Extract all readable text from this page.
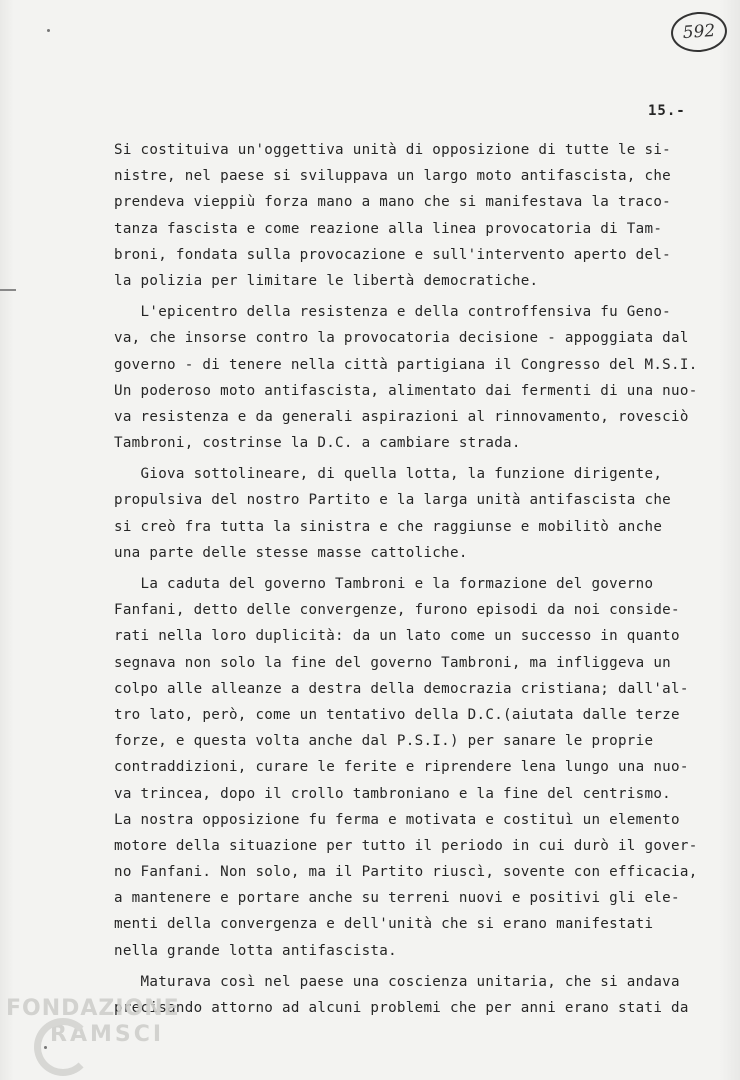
592
15.-
Si costituiva un'oggettiva unità di opposizione di tutte le si-
nistre, nel paese si sviluppava un largo moto antifascista, che
prendeva vieppiù forza mano a mano che si manifestava la traco-
tanza fascista e come reazione alla linea provocatoria di Tam-
broni, fondata sulla provocazione e sull'intervento aperto del-
la polizia per limitare le libertà democratiche.
L'epicentro della resistenza e della controffensiva fu Geno-
va, che insorse contro la provocatoria decisione - appoggiata dal
governo - di tenere nella città partigiana il Congresso del M.S.I.
Un poderoso moto antifascista, alimentato dai fermenti di una nuo-
va resistenza e da generali aspirazioni al rinnovamento, rovesciò
Tambroni, costrinse la D.C. a cambiare strada.
Giova sottolineare, di quella lotta, la funzione dirigente,
propulsiva del nostro Partito e la larga unità antifascista che
si creò fra tutta la sinistra e che raggiunse e mobilitò anche
una parte delle stesse masse cattoliche.
La caduta del governo Tambroni e la formazione del governo
Fanfani, detto delle convergenze, furono episodi da noi conside-
rati nella loro duplicità: da un lato come un successo in quanto
segnava non solo la fine del governo Tambroni, ma infliggeva un
colpo alle alleanze a destra della democrazia cristiana; dall'al-
tro lato, però, come un tentativo della D.C.(aiutata dalle terze
forze, e questa volta anche dal P.S.I.) per sanare le proprie
contraddizioni, curare le ferite e riprendere lena lungo una nuo-
va trincea, dopo il crollo tambroniano e la fine del centrismo.
La nostra opposizione fu ferma e motivata e costituì un elemento
motore della situazione per tutto il periodo in cui durò il gover-
no Fanfani. Non solo, ma il Partito riuscì, sovente con efficacia,
a mantenere e portare anche su terreni nuovi e positivi gli ele-
menti della convergenza e dell'unità che si erano manifestati
nella grande lotta antifascista.
Maturava così nel paese una coscienza unitaria, che si andava
precisando attorno ad alcuni problemi che per anni erano stati da
FONDAZIONE
RAMSCI
